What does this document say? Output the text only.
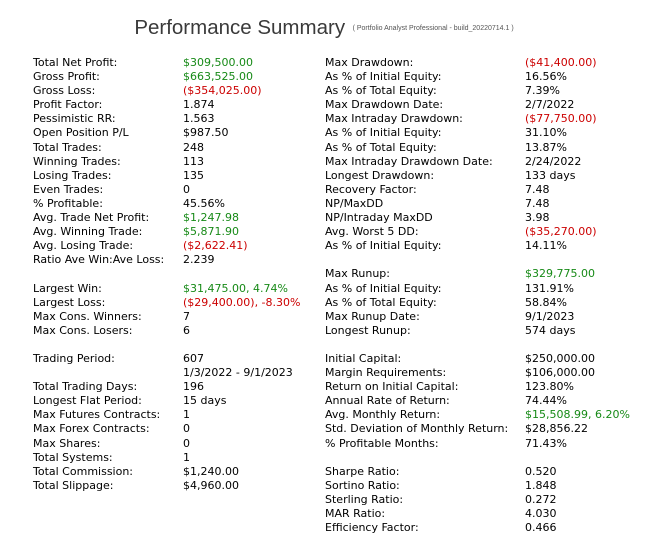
Performance Summary ( Portfolio Analyst Professional - build_20220714.1 )
Total Net Profit:	$309,500.00
Gross Profit:	$663,525.00
Gross Loss:	($354,025.00)
Profit Factor:	1.874
Pessimistic RR:	1.563
Open Position P/L	$987.50
Total Trades:	248
Winning Trades:	113
Losing Trades:	135
Even Trades:	0
% Profitable:	45.56%
Avg. Trade Net Profit:	$1,247.98
Avg. Winning Trade:	$5,871.90
Avg. Losing Trade:	($2,622.41)
Ratio Ave Win:Ave Loss: 2.239
Largest Win:	$31,475.00, 4.74%
Largest Loss:	($29,400.00), -8.30%
Max Cons. Winners:	7
Max Cons. Losers:	6
Trading Period:	607
1/3/2022 - 9/1/2023
Total Trading Days:	196
Longest Flat Period:	15 days
Max Futures Contracts: 1
Max Forex Contracts:	0
Max Shares:	0
Total Systems:	1
Total Commission:	$1,240.00
Total Slippage:	$4,960.00
Max Drawdown:	($41,400.00)
As % of Initial Equity:	16.56%
As % of Total Equity:	7.39%
Max Drawdown Date:	2/7/2022
Max Intraday Drawdown:	($77,750.00)
As % of Initial Equity:	31.10%
As % of Total Equity:	13.87%
Max Intraday Drawdown Date:	2/24/2022
Longest Drawdown:	133 days
Recovery Factor:	7.48
NP/MaxDD	7.48
NP/Intraday MaxDD	3.98
Avg. Worst 5 DD:	($35,270.00)
As % of Initial Equity:	14.11%
Max Runup:	$329,775.00
As % of Initial Equity:	131.91%
As % of Total Equity:	58.84%
Max Runup Date:	9/1/2023
Longest Runup:	574 days
Initial Capital:	$250,000.00
Margin Requirements:	$106,000.00
Return on Initial Capital:	123.80%
Annual Rate of Return:	74.44%
Avg. Monthly Return:	$15,508.99, 6.20%
Std. Deviation of Monthly Return: $28,856.22
% Profitable Months:	71.43%
Sharpe Ratio:	0.520
Sortino Ratio:	1.848
Sterling Ratio:	0.272
MAR Ratio:	4.030
Efficiency Factor:	0.466
